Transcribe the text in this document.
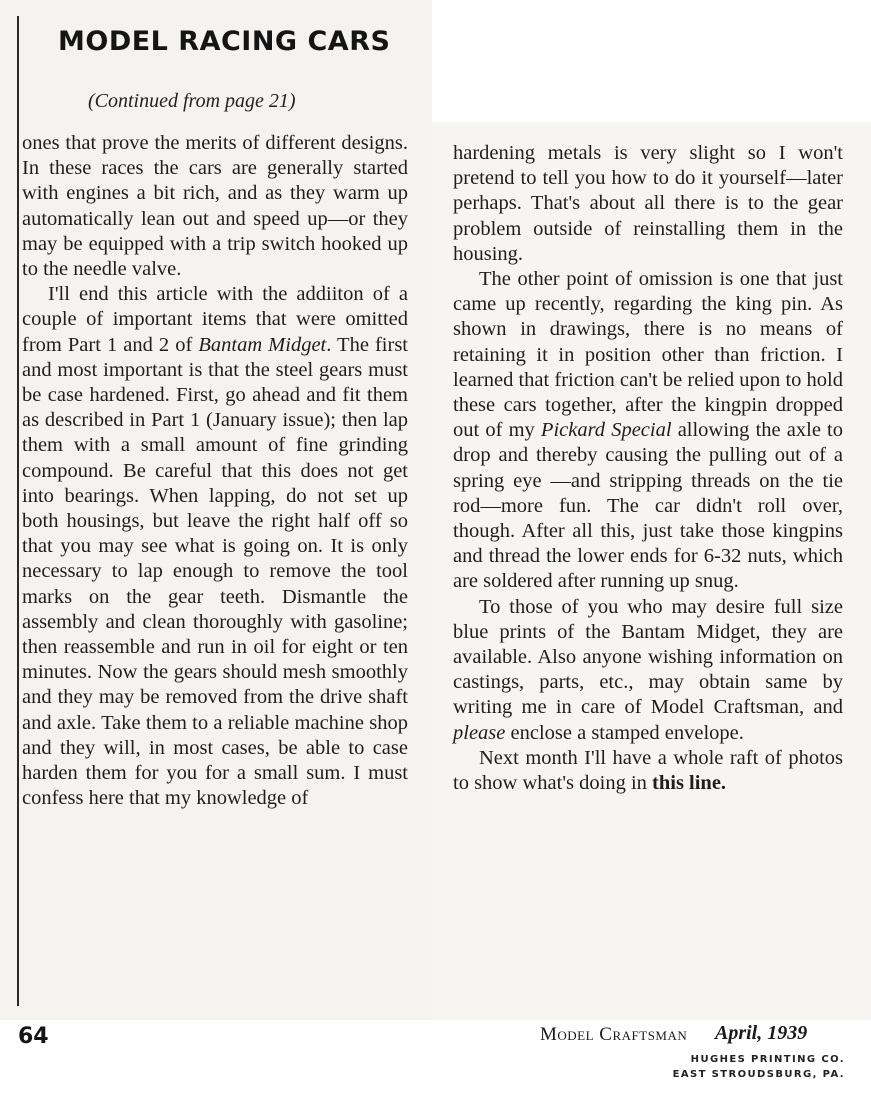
MODEL RACING CARS
(Continued from page 21)

ones that prove the merits of different designs. In these races the cars are generally started with engines a bit rich, and as they warm up automatically lean out and speed up—or they may be equipped with a trip switch hooked up to the needle valve.

I'll end this article with the addiiton of a couple of important items that were omitted from Part 1 and 2 of Bantam Midget. The first and most important is that the steel gears must be case hardened. First, go ahead and fit them as described in Part 1 (January issue); then lap them with a small amount of fine grinding compound. Be careful that this does not get into bearings. When lapping, do not set up both housings, but leave the right half off so that you may see what is going on. It is only necessary to lap enough to remove the tool marks on the gear teeth. Dismantle the assembly and clean thoroughly with gasoline; then reassemble and run in oil for eight or ten minutes. Now the gears should mesh smoothly and they may be removed from the drive shaft and axle. Take them to a reliable machine shop and they will, in most cases, be able to case harden them for you for a small sum. I must confess here that my knowledge of

hardening metals is very slight so I won't pretend to tell you how to do it yourself—later perhaps. That's about all there is to the gear problem outside of reinstalling them in the housing.

The other point of omission is one that just came up recently, regarding the king pin. As shown in drawings, there is no means of retaining it in position other than friction. I learned that friction can't be relied upon to hold these cars together, after the kingpin dropped out of my Pickard Special allowing the axle to drop and thereby causing the pulling out of a spring eye —and stripping threads on the tie rod—more fun. The car didn't roll over, though. After all this, just take those kingpins and thread the lower ends for 6-32 nuts, which are soldered after running up snug.

To those of you who may desire full size blue prints of the Bantam Midget, they are available. Also anyone wishing information on castings, parts, etc., may obtain same by writing me in care of Model Craftsman, and please enclose a stamped envelope.

Next month I'll have a whole raft of photos to show what's doing in this line.

64	Model Craftsman April, 1939
HUGHES PRINTING CO.
EAST STROUDSBURG, PA.
